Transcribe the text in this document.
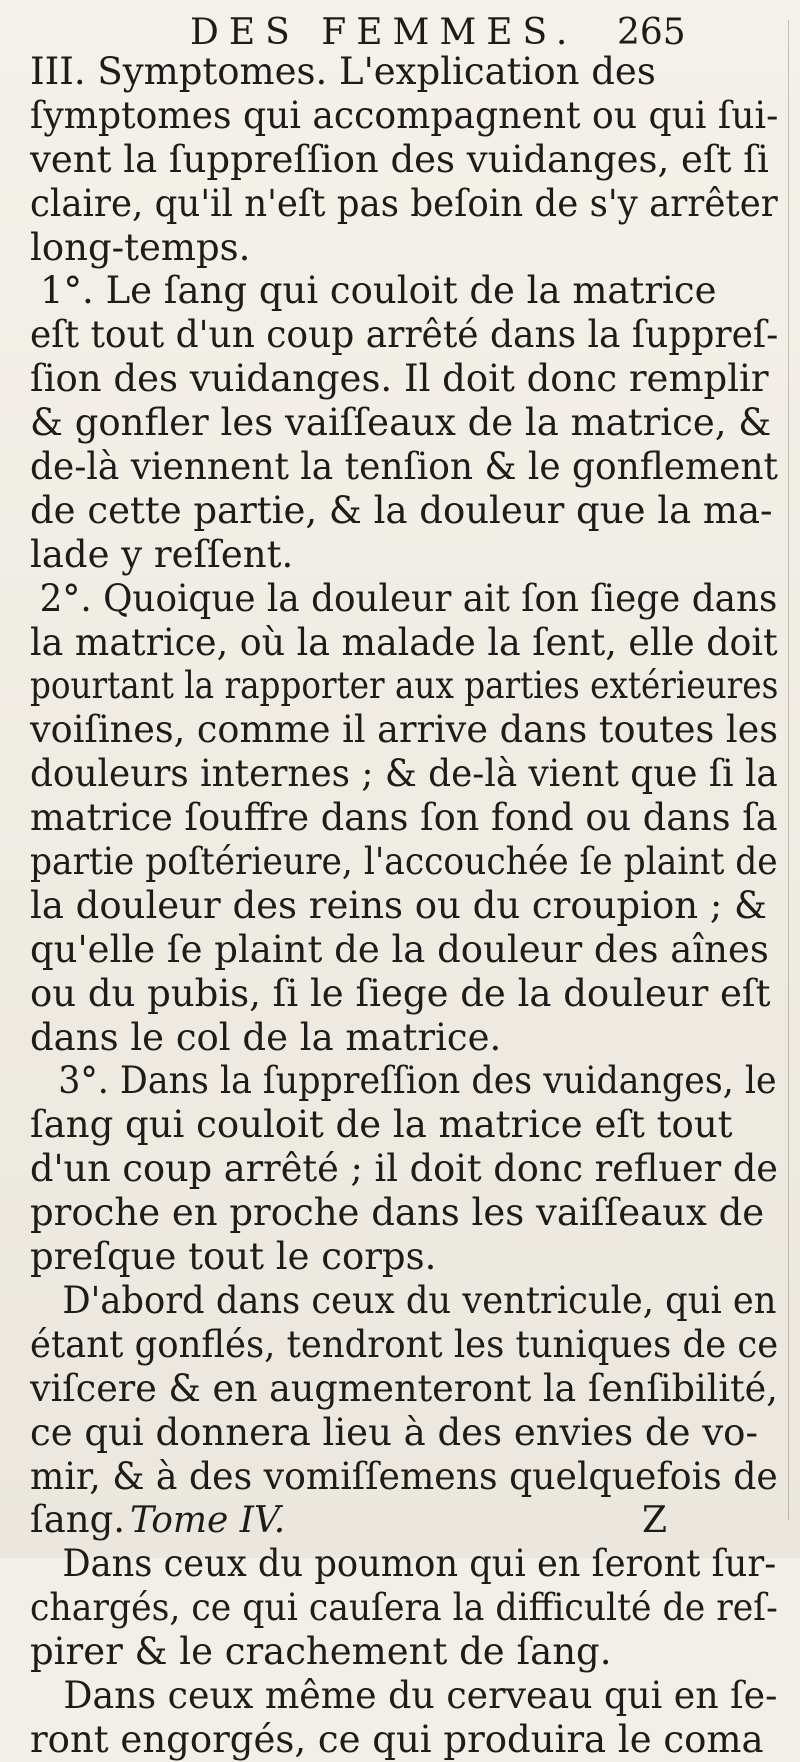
DES FEMMES. 265
III. Symptomes. L'explication des
ſymptomes qui accompagnent ou qui ſui-
vent la ſuppreſſion des vuidanges, eſt ſi
claire, qu'il n'eſt pas beſoin de s'y arrêter
long-temps.
1°. Le ſang qui couloit de la matrice
eſt tout d'un coup arrêté dans la ſuppreſ-
ſion des vuidanges. Il doit donc remplir
& gonfler les vaiſſeaux de la matrice, &
de-là viennent la tenſion & le gonflement
de cette partie, & la douleur que la ma-
lade y reſſent.
2°. Quoique la douleur ait ſon ſiege dans
la matrice, où la malade la ſent, elle doit
pourtant la rapporter aux parties extérieures
voiſines, comme il arrive dans toutes les
douleurs internes ; & de-là vient que ſi la
matrice ſouffre dans ſon fond ou dans ſa
partie poſtérieure, l'accouchée ſe plaint de
la douleur des reins ou du croupion ; &
qu'elle ſe plaint de la douleur des aînes
ou du pubis, ſi le ſiege de la douleur eſt
dans le col de la matrice.
3°. Dans la ſuppreſſion des vuidanges, le
ſang qui couloit de la matrice eſt tout
d'un coup arrêté ; il doit donc refluer de
proche en proche dans les vaiſſeaux de
preſque tout le corps.
D'abord dans ceux du ventricule, qui en
étant gonflés, tendront les tuniques de ce
viſcere & en augmenteront la ſenſibilité,
ce qui donnera lieu à des envies de vo-
mir, & à des vomiſſemens quelquefois de
ſang.
Dans ceux du poumon qui en ſeront ſur-
chargés, ce qui cauſera la difficulté de reſ-
pirer & le crachement de ſang.
Dans ceux même du cerveau qui en ſe-
ront engorgés, ce qui produira le coma
Tome IV.	Z
